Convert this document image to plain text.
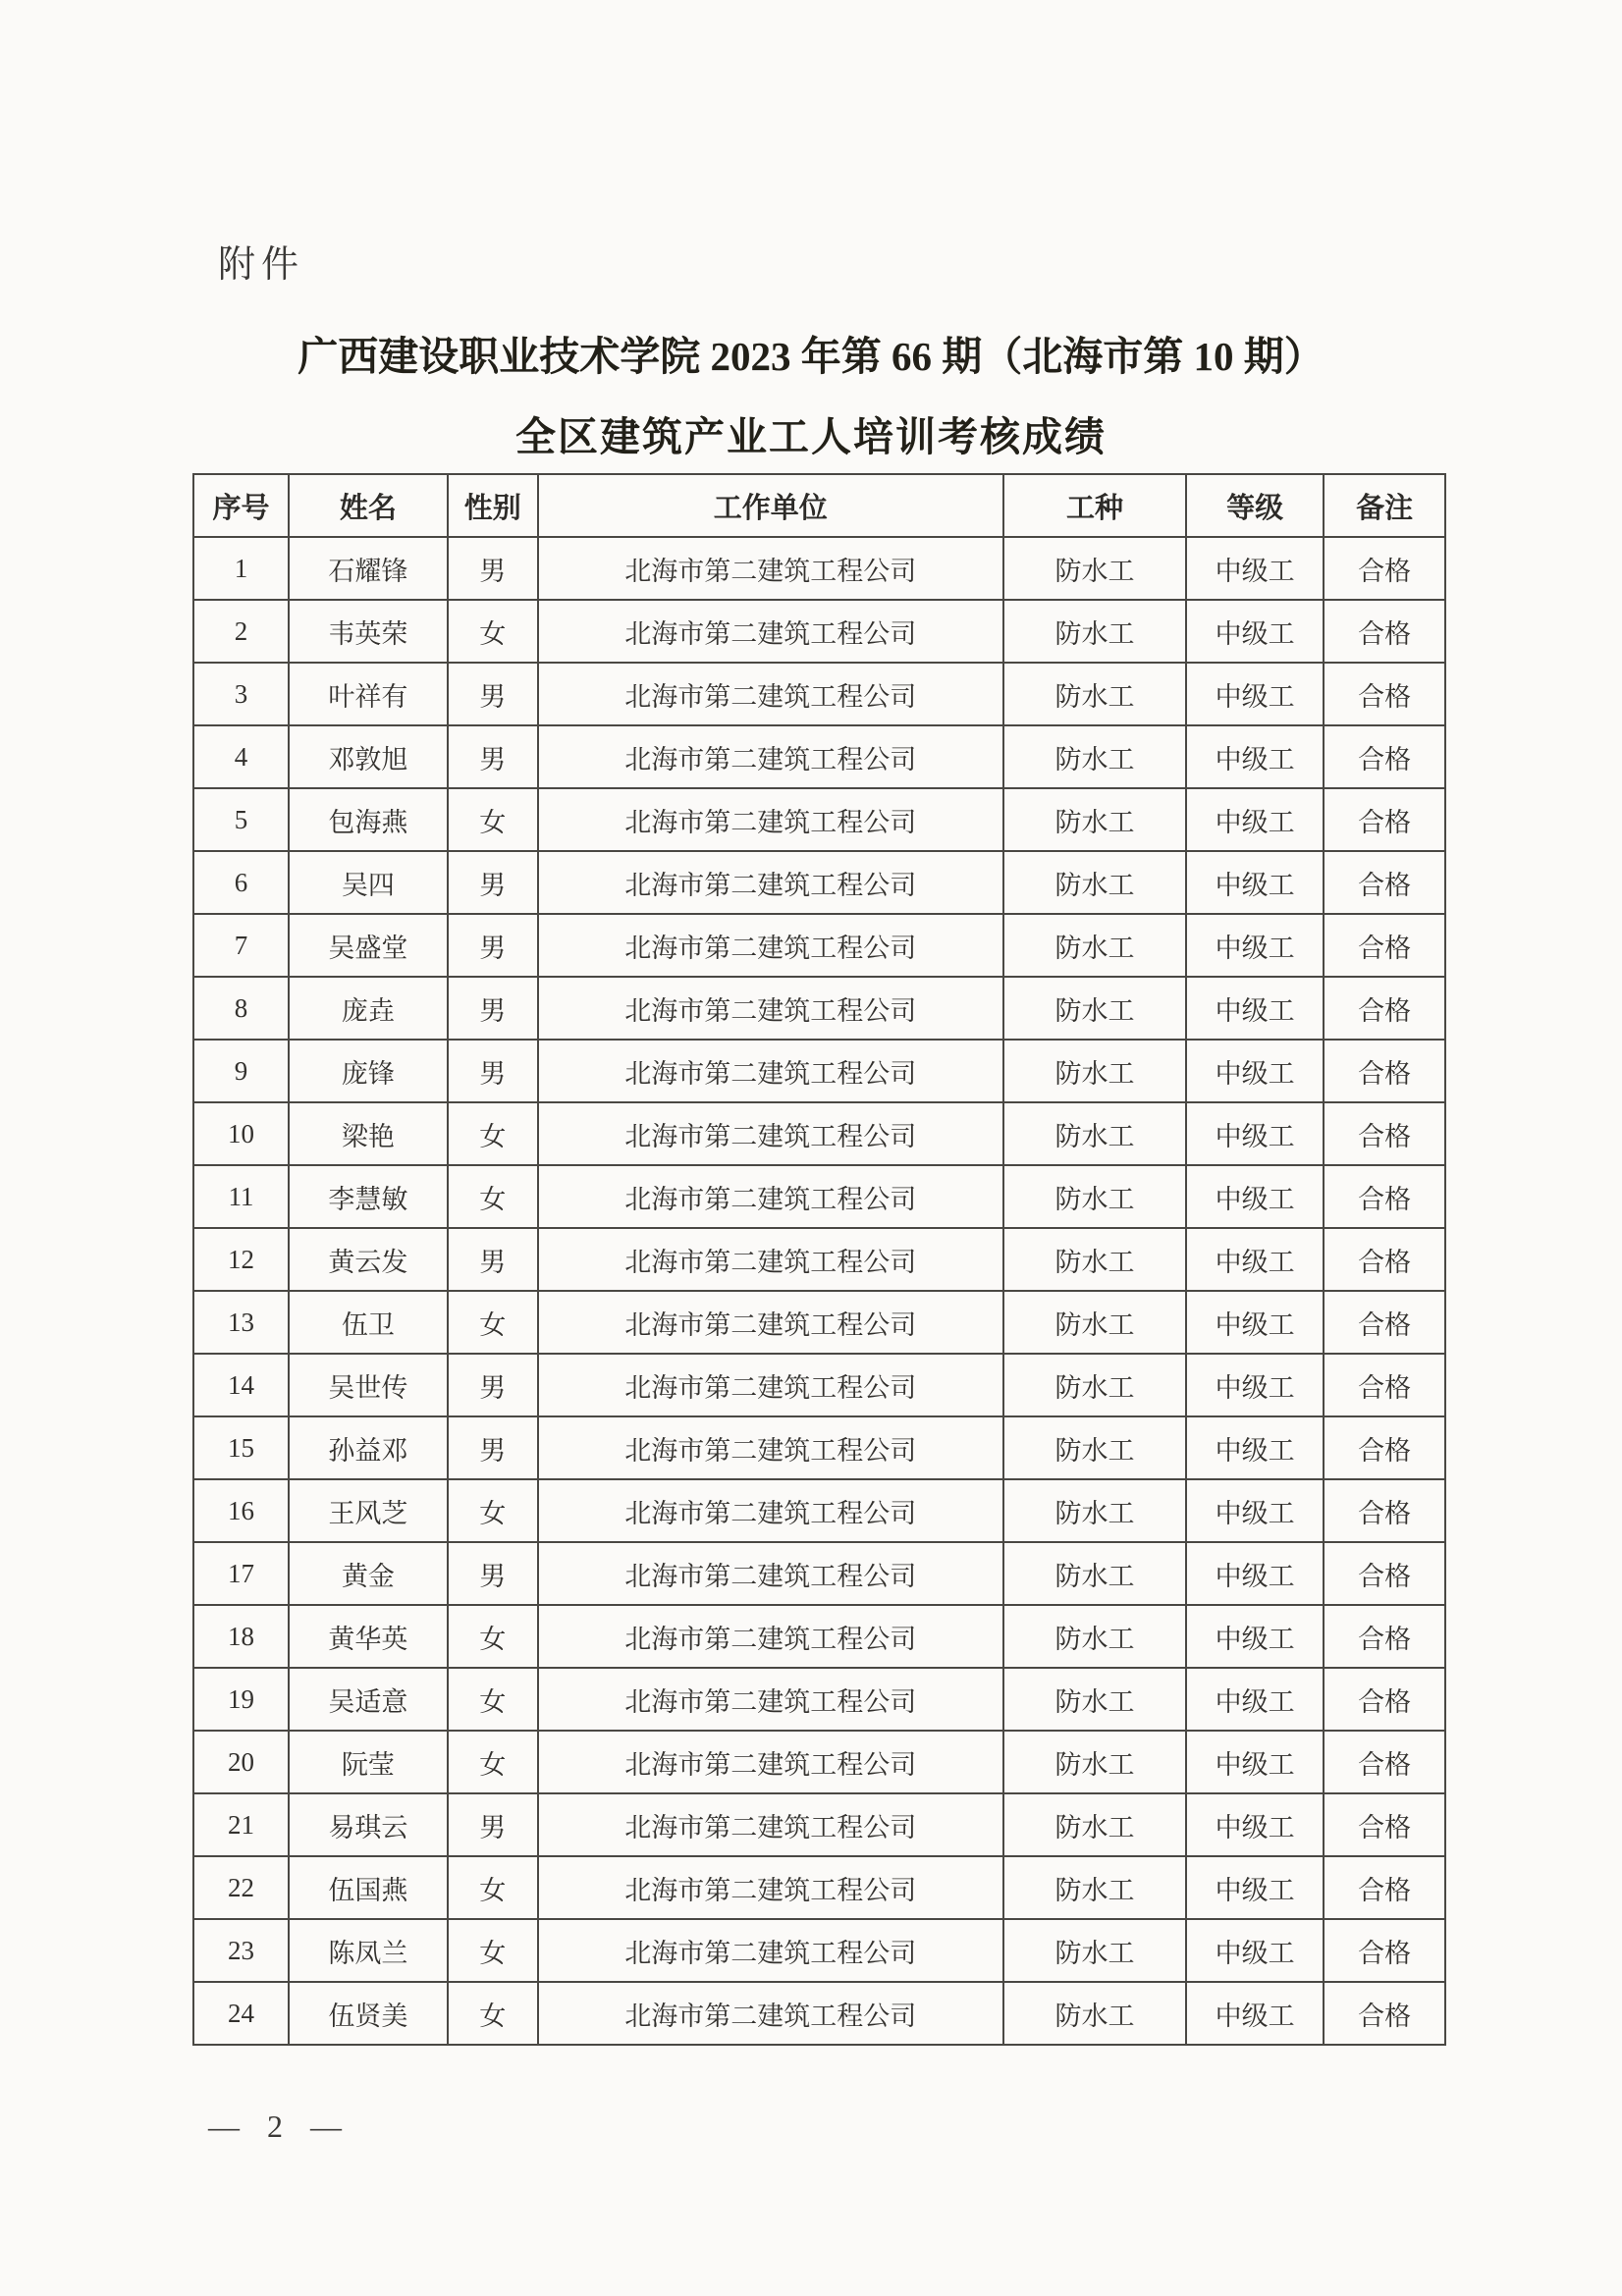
附件
广西建设职业技术学院 2023 年第 66 期（北海市第 10 期）
全区建筑产业工人培训考核成绩
序号	姓名	性别	工作单位	工种	等级	备注
1	石耀锋	男	北海市第二建筑工程公司	防水工	中级工	合格
2	韦英荣	女	北海市第二建筑工程公司	防水工	中级工	合格
3	叶祥有	男	北海市第二建筑工程公司	防水工	中级工	合格
4	邓敦旭	男	北海市第二建筑工程公司	防水工	中级工	合格
5	包海燕	女	北海市第二建筑工程公司	防水工	中级工	合格
6	吴四	男	北海市第二建筑工程公司	防水工	中级工	合格
7	吴盛堂	男	北海市第二建筑工程公司	防水工	中级工	合格
8	庞垚	男	北海市第二建筑工程公司	防水工	中级工	合格
9	庞锋	男	北海市第二建筑工程公司	防水工	中级工	合格
10	梁艳	女	北海市第二建筑工程公司	防水工	中级工	合格
11	李慧敏	女	北海市第二建筑工程公司	防水工	中级工	合格
12	黄云发	男	北海市第二建筑工程公司	防水工	中级工	合格
13	伍卫	女	北海市第二建筑工程公司	防水工	中级工	合格
14	吴世传	男	北海市第二建筑工程公司	防水工	中级工	合格
15	孙益邓	男	北海市第二建筑工程公司	防水工	中级工	合格
16	王风芝	女	北海市第二建筑工程公司	防水工	中级工	合格
17	黄金	男	北海市第二建筑工程公司	防水工	中级工	合格
18	黄华英	女	北海市第二建筑工程公司	防水工	中级工	合格
19	吴适意	女	北海市第二建筑工程公司	防水工	中级工	合格
20	阮莹	女	北海市第二建筑工程公司	防水工	中级工	合格
21	易琪云	男	北海市第二建筑工程公司	防水工	中级工	合格
22	伍国燕	女	北海市第二建筑工程公司	防水工	中级工	合格
23	陈凤兰	女	北海市第二建筑工程公司	防水工	中级工	合格
24	伍贤美	女	北海市第二建筑工程公司	防水工	中级工	合格
— 2 —
